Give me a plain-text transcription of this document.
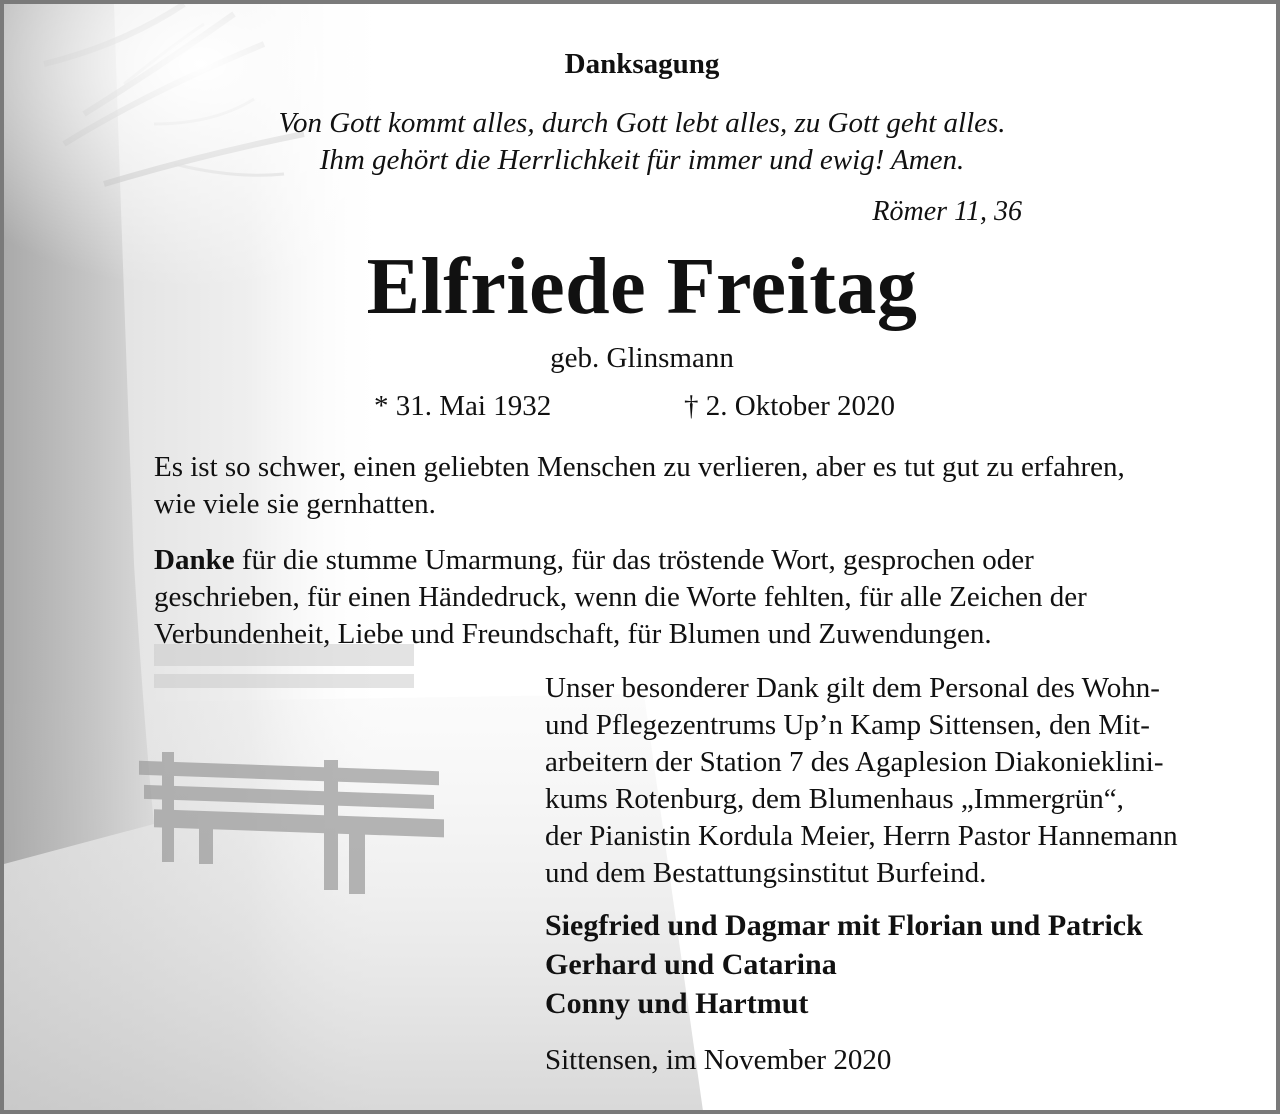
Danksagung
Von Gott kommt alles, durch Gott lebt alles, zu Gott geht alles.
Ihm gehört die Herrlichkeit für immer und ewig! Amen.
Römer 11, 36
Elfriede Freitag
geb. Glinsmann
* 31. Mai 1932	† 2. Oktober 2020
Es ist so schwer, einen geliebten Menschen zu verlieren, aber es tut gut zu erfahren,
wie viele sie gernhatten.
Danke für die stumme Umarmung, für das tröstende Wort, gesprochen oder
geschrieben, für einen Händedruck, wenn die Worte fehlten, für alle Zeichen der
Verbundenheit, Liebe und Freundschaft, für Blumen und Zuwendungen.
Unser besonderer Dank gilt dem Personal des Wohn-
und Pflegezentrums Up’n Kamp Sittensen, den Mit-
arbeitern der Station 7 des Agaplesion Diakonieklini-
kums Rotenburg, dem Blumenhaus „Immergrün“,
der Pianistin Kordula Meier, Herrn Pastor Hannemann
und dem Bestattungsinstitut Burfeind.
Siegfried und Dagmar mit Florian und Patrick
Gerhard und Catarina
Conny und Hartmut
Sittensen, im November 2020
